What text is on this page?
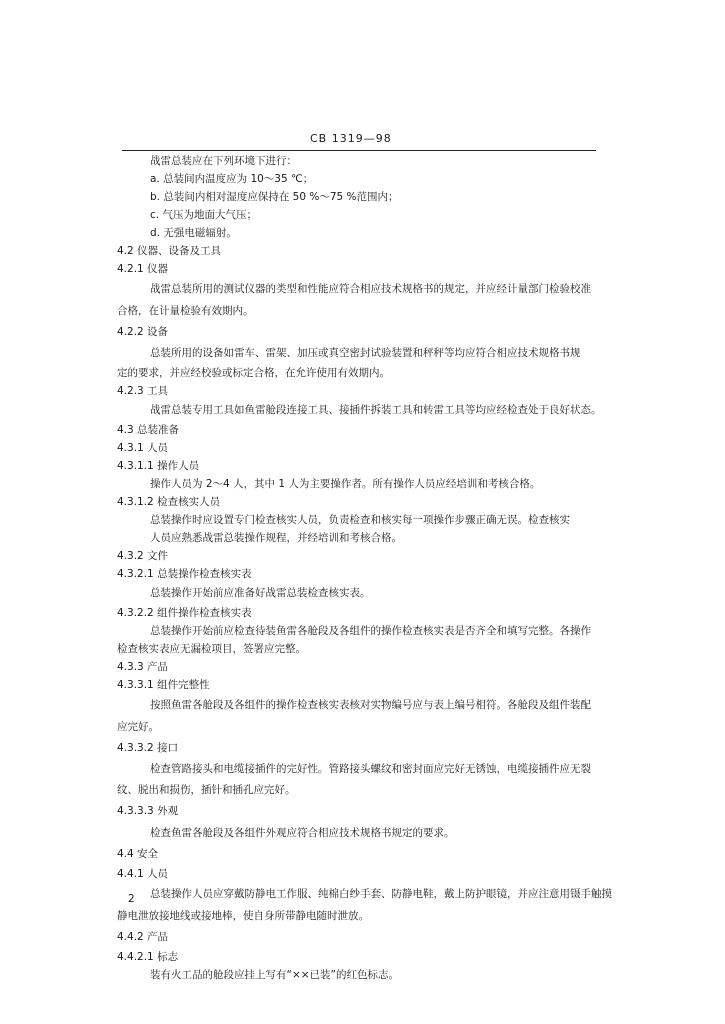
CB 1319—98
战雷总装应在下列环境下进行：
a. 总装间内温度应为 10～35 ℃；
b. 总装间内相对湿度应保持在 50 %～75 %范围内；
c. 气压为地面大气压；
d. 无强电磁辐射。
4.2 仪器、设备及工具
4.2.1 仪器
战雷总装所用的测试仪器的类型和性能应符合相应技术规格书的规定，并应经计量部门检验校准
合格，在计量检验有效期内。
4.2.2 设备
总装所用的设备如雷车、雷架、加压或真空密封试验装置和秤秤等均应符合相应技术规格书规
定的要求，并应经校验或标定合格，在允许使用有效期内。
4.2.3 工具
战雷总装专用工具如鱼雷舱段连接工具、接插件拆装工具和转雷工具等均应经检查处于良好状态。
4.3 总装准备
4.3.1 人员
4.3.1.1 操作人员
操作人员为 2～4 人，其中 1 人为主要操作者。所有操作人员应经培训和考核合格。
4.3.1.2 检查核实人员
总装操作时应设置专门检查核实人员，负责检查和核实每一项操作步骤正确无误。检查核实
人员应熟悉战雷总装操作规程，并经培训和考核合格。
4.3.2 文件
4.3.2.1 总装操作检查核实表
总装操作开始前应准备好战雷总装检查核实表。
4.3.2.2 组件操作检查核实表
总装操作开始前应检查待装鱼雷各舱段及各组件的操作检查核实表是否齐全和填写完整。各操作
检查核实表应无漏检项目，签署应完整。
4.3.3 产品
4.3.3.1 组件完整性
按照鱼雷各舱段及各组件的操作检查核实表核对实物编号应与表上编号相符。各舱段及组件装配
应完好。
4.3.3.2 接口
检查管路接头和电缆接插件的完好性。管路接头螺纹和密封面应完好无锈蚀，电缆接插件应无裂
纹、脱出和损伤，插针和插孔应完好。
4.3.3.3 外观
检查鱼雷各舱段及各组件外观应符合相应技术规格书规定的要求。
4.4 安全
4.4.1 人员
总装操作人员应穿戴防静电工作服、纯棉白纱手套、防静电鞋，戴上防护眼镜，并应注意用镊手触摸
静电泄放接地线或接地棒，使自身所带静电随时泄放。
4.4.2 产品
4.4.2.1 标志
装有火工品的舱段应挂上写有“××已装”的红色标志。
2
